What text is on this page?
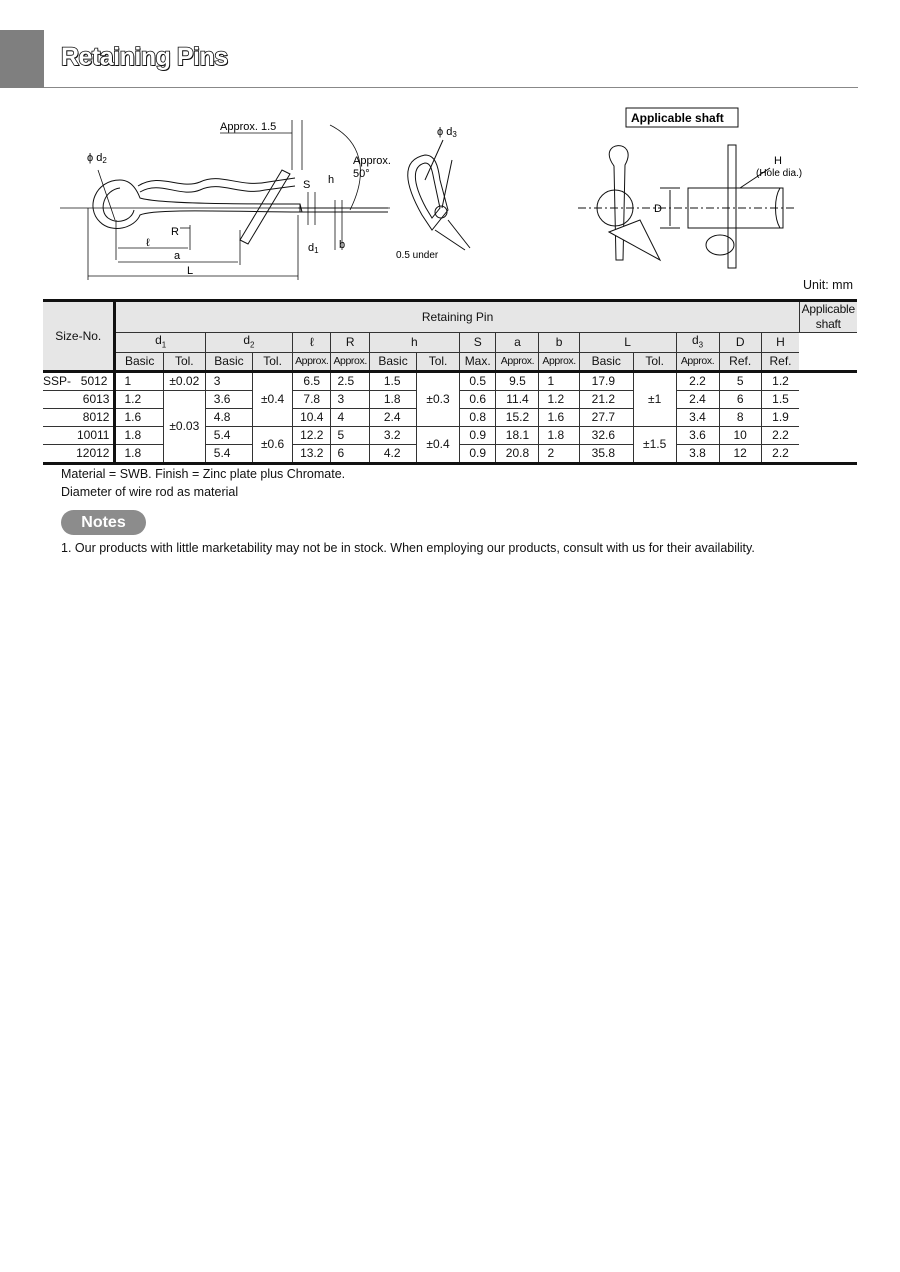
Retaining Pins
Approx. 1.5
Approx.
50°
ϕ d2
S h
R
ℓ
a
L
d1 b
ϕ d3
0.5 under
Applicable shaft
H
(Hole dia.)
D
Unit: mm
Size-No.	Retaining Pin																Applicable shaft
	$d_1$		$d_2$		ℓ	R	h		S	a	b	L		$d_3$	D	H	
	Basic	Tol.	Basic	Tol.	Approx.	Approx.	Basic	Tol.	Max.	Approx.	Approx.	Basic	Tol.	Approx.	Ref.	Ref.	
SSP- 5012	1	±0.02	3	±0.4	6.5	2.5	1.5	±0.3	0.5	9.5	1	17.9	±1	2.2	5	1.2	
6013	1.2	±0.03	3.6		7.8	3	1.8		0.6	11.4	1.2	21.2		2.4	6	1.5	
8012	1.6		4.8		10.4	4	2.4		0.8	15.2	1.6	27.7		3.4	8	1.9	
10011	1.8		5.4	±0.6	12.2	5	3.2	±0.4	0.9	18.1	1.8	32.6	±1.5	3.6	10	2.2	
12012	1.8		5.4		13.2	6	4.2		0.9	20.8	2	35.8		3.8	12	2.2	
Material = SWB. Finish = Zinc plate plus Chromate.
Diameter of wire rod as material
Notes
1. Our products with little marketability may not be in stock. When employing our products, consult with us for their availability.
